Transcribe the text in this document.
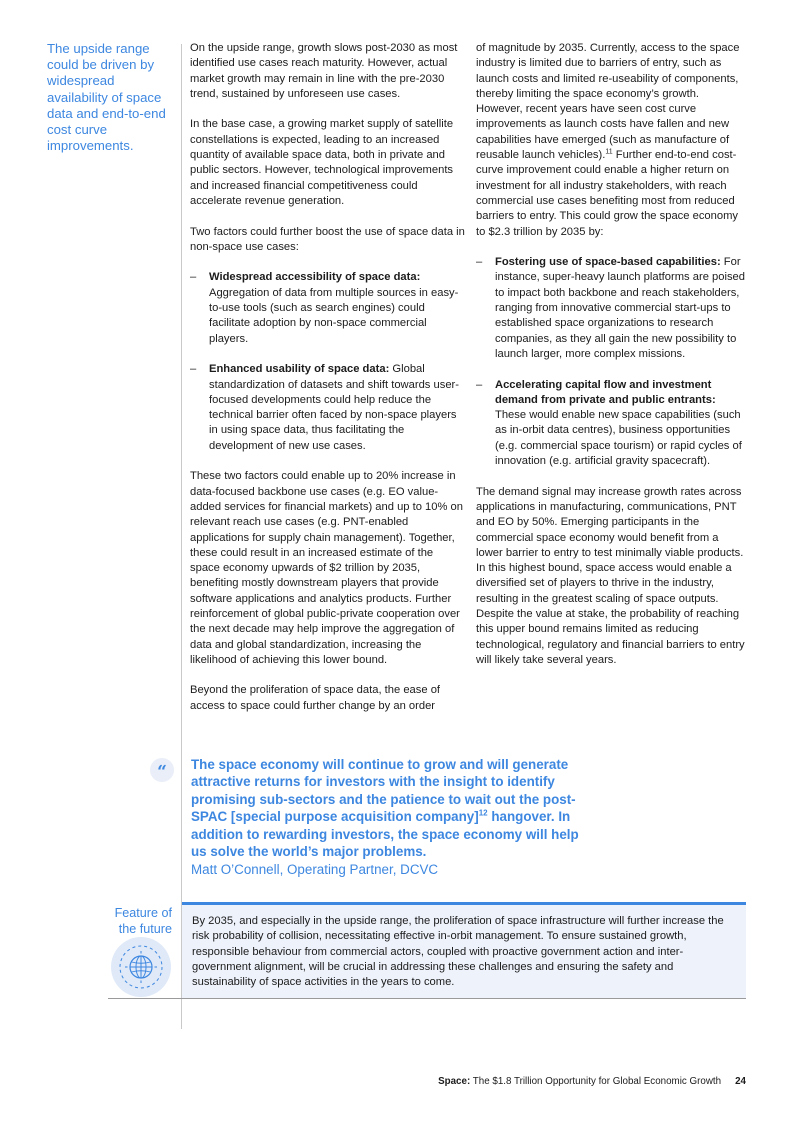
The upside range could be driven by widespread availability of space data and end-to-end cost curve improvements.

On the upside range, growth slows post-2030 as most identified use cases reach maturity. However, actual market growth may remain in line with the pre-2030 trend, sustained by unforeseen use cases.

In the base case, a growing market supply of satellite constellations is expected, leading to an increased quantity of available space data, both in private and public sectors. However, technological improvements and increased financial competitiveness could accelerate revenue generation.

Two factors could further boost the use of space data in non-space use cases:

– Widespread accessibility of space data: Aggregation of data from multiple sources in easy-to-use tools (such as search engines) could facilitate adoption by non-space commercial players.
– Enhanced usability of space data: Global standardization of datasets and shift towards user-focused developments could help reduce the technical barrier often faced by non-space players in using space data, thus facilitating the development of new use cases.

These two factors could enable up to 20% increase in data-focused backbone use cases (e.g. EO value-added services for financial markets) and up to 10% on relevant reach use cases (e.g. PNT-enabled applications for supply chain management). Together, these could result in an increased estimate of the space economy upwards of $2 trillion by 2035, benefiting mostly downstream players that provide software applications and analytics products. Further reinforcement of global public-private cooperation over the next decade may help improve the aggregation of data and global standardization, increasing the likelihood of achieving this lower bound.

Beyond the proliferation of space data, the ease of access to space could further change by an order

of magnitude by 2035. Currently, access to the space industry is limited due to barriers of entry, such as launch costs and limited re-useability of components, thereby limiting the space economy’s growth. However, recent years have seen cost curve improvements as launch costs have fallen and new capabilities have emerged (such as manufacture of reusable launch vehicles).$^{11}$ Further end-to-end cost-curve improvement could enable a higher return on investment for all industry stakeholders, with reach commercial use cases benefiting most from reduced barriers to entry. This could grow the space economy to $2.3 trillion by 2035 by:

– Fostering use of space-based capabilities: For instance, super-heavy launch platforms are poised to impact both backbone and reach stakeholders, ranging from innovative commercial start-ups to established space organizations to research companies, as they all gain the new possibility to launch larger, more complex missions.
– Accelerating capital flow and investment demand from private and public entrants: These would enable new space capabilities (such as in-orbit data centres), business opportunities (e.g. commercial space tourism) or rapid cycles of innovation (e.g. artificial gravity spacecraft).

The demand signal may increase growth rates across applications in manufacturing, communications, PNT and EO by 50%. Emerging participants in the commercial space economy would benefit from a lower barrier to entry to test minimally viable products. In this highest bound, space access would enable a diversified set of players to thrive in the industry, resulting in the greatest scaling of space outputs. Despite the value at stake, the probability of reaching this upper bound remains limited as reducing technological, regulatory and financial barriers to entry will likely take several years.

“	The space economy will continue to grow and will generate attractive returns for investors with the insight to identify promising sub-sectors and the patience to wait out the post-SPAC [special purpose acquisition company]$^{12}$ hangover. In addition to rewarding investors, the space economy will help us solve the world’s major problems.
Matt O’Connell, Operating Partner, DCVC
Feature of the future
By 2035, and especially in the upside range, the proliferation of space infrastructure will further increase the risk probability of collision, necessitating effective in-orbit management. To ensure sustained growth, responsible behaviour from commercial actors, coupled with proactive government action and inter-government alignment, will be crucial in addressing these challenges and ensuring the safety and sustainability of space activities in the years to come.
Space: The $1.8 Trillion Opportunity for Global Economic Growth 24
